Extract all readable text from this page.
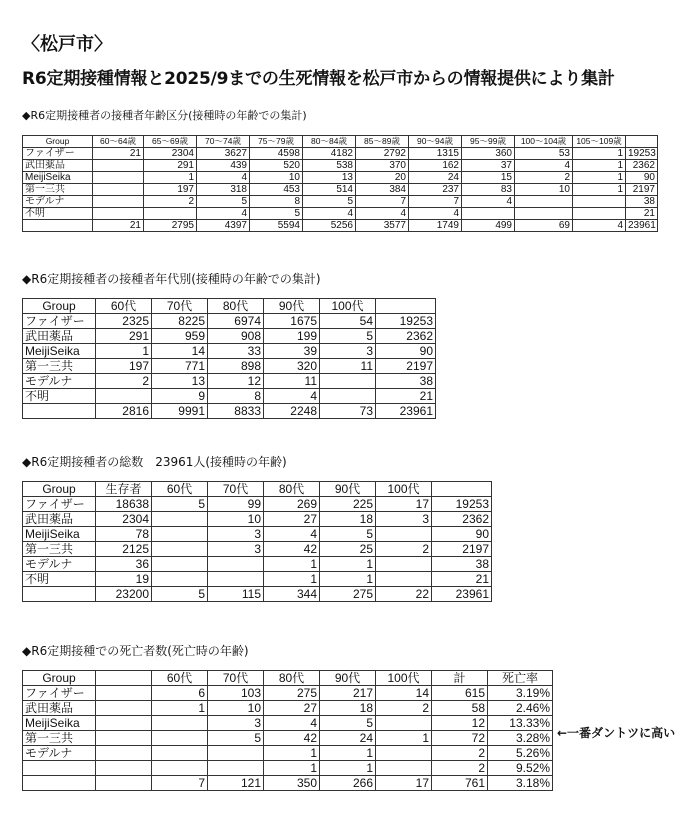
〈松戸市〉
R6定期接種情報と2025/9までの生死情報を松戸市からの情報提供により集計

◆R6定期接種者の接種者年齢区分(接種時の年齢での集計)

Group	60～64歳	65～69歳	70～74歳	75～79歳	80～84歳	85～89歳	90～94歳	95～99歳	100～104歳	105～109歳	
ファイザー	21	2304	3627	4598	4182	2792	1315	360	53	1	19253
武田薬品		291	439	520	538	370	162	37	4	1	2362
MeijiSeika		1	4	10	13	20	24	15	2	1	90
第一三共		197	318	453	514	384	237	83	10	1	2197
モデルナ		2	5	8	5	7	7	4			38
不明			4	5	4	4	4				21
	21	2795	4397	5594	5256	3577	1749	499	69	4	23961

◆R6定期接種者の接種者年代別(接種時の年齢での集計)

Group	60代	70代	80代	90代	100代	
ファイザー	2325	8225	6974	1675	54	19253
武田薬品	291	959	908	199	5	2362
MeijiSeika	1	14	33	39	3	90
第一三共	197	771	898	320	11	2197
モデルナ	2	13	12	11		38
不明		9	8	4		21
	2816	9991	8833	2248	73	23961

◆R6定期接種者の総数　23961人(接種時の年齢)

Group	生存者	60代	70代	80代	90代	100代	
ファイザー	18638	5	99	269	225	17	19253
武田薬品	2304		10	27	18	3	2362
MeijiSeika	78		3	4	5		90
第一三共	2125		3	42	25	2	2197
モデルナ	36			1	1		38
不明	19			1	1		21
	23200	5	115	344	275	22	23961

◆R6定期接種での死亡者数(死亡時の年齢)

Group		60代	70代	80代	90代	100代	計	死亡率
ファイザー		6	103	275	217	14	615	3.19%
武田薬品		1	10	27	18	2	58	2.46%
MeijiSeika			3	4	5		12	13.33%
第一三共			5	42	24	1	72	3.28%
モデルナ				1	1		2	5.26%
				1	1		2	9.52%
		7	121	350	266	17	761	3.18%
←一番ダントツに高い
